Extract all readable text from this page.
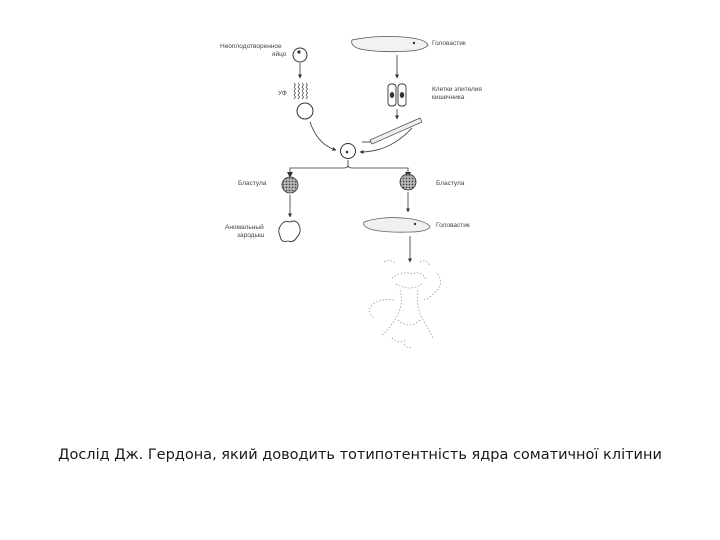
Неоплодотворенное
яйцо
УФ
Бластула
Аномальный
зародыш
Головастик
Клетки эпителия
кишечника
Бластула
Головастик
Дослід Дж. Гердона, який доводить тотипотентність ядра соматичної клітини
